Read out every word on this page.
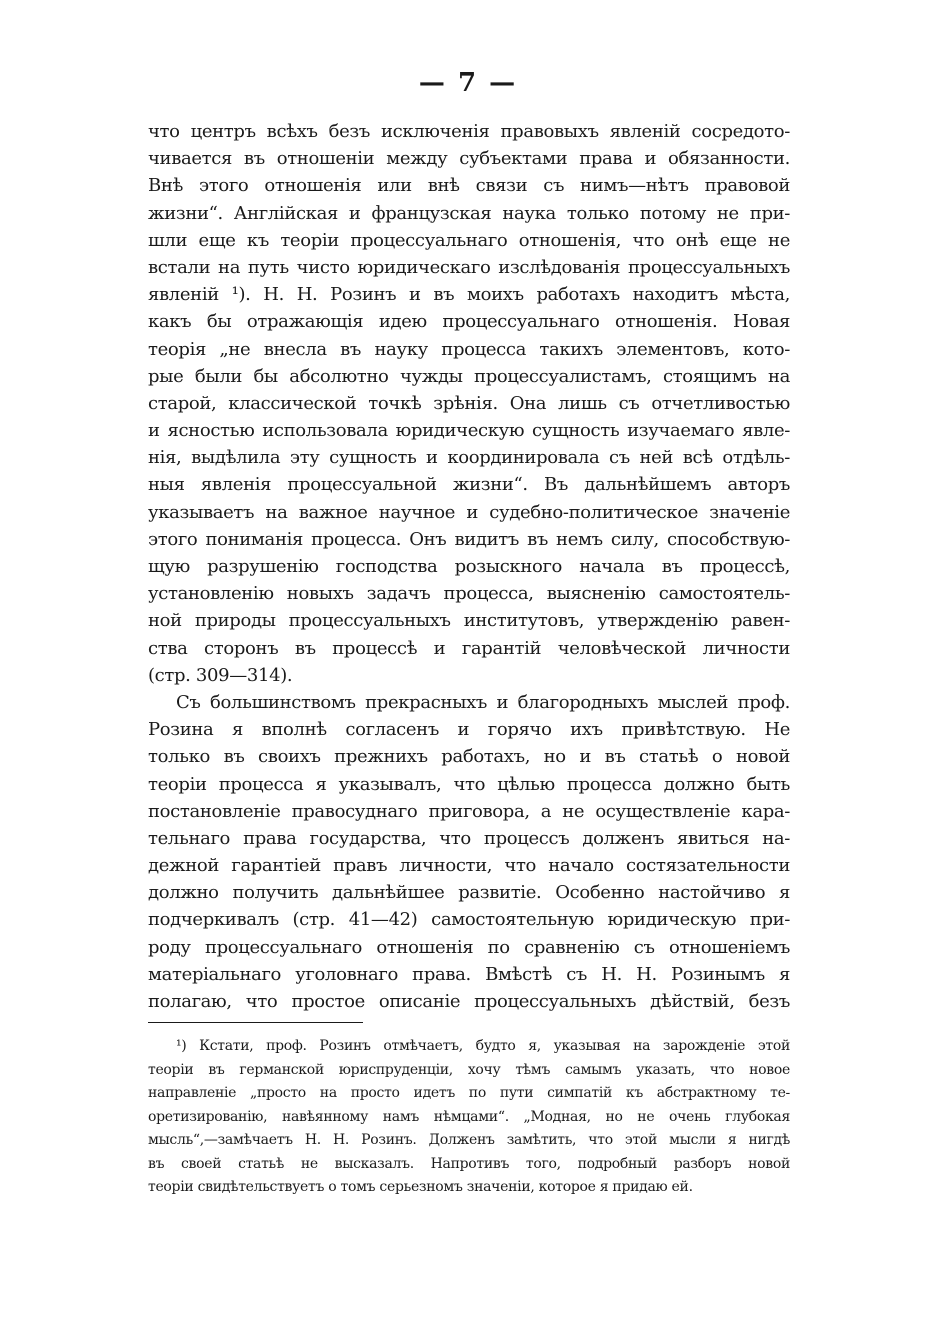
— 7 —
что центръ всѣхъ безъ исключенія правовыхъ явленій сосредото-
чивается въ отношеніи между субъектами права и обязанности.
Внѣ этого отношенія или внѣ связи съ нимъ—нѣтъ правовой
жизни“. Англійская и французская наука только потому не при-
шли еще къ теоріи процессуальнаго отношенія, что онѣ еще не
встали на путь чисто юридическаго изслѣдованія процессуальныхъ
явленій ¹). Н. Н. Розинъ и въ моихъ работахъ находитъ мѣста,
какъ бы отражающія идею процессуальнаго отношенія. Новая
теорія „не внесла въ науку процесса такихъ элементовъ, кото-
рые были бы абсолютно чужды процессуалистамъ, стоящимъ на
старой, классической точкѣ зрѣнія. Она лишь съ отчетливостью
и ясностью использовала юридическую сущность изучаемаго явле-
нія, выдѣлила эту сущность и координировала съ ней всѣ отдѣль-
ныя явленія процессуальной жизни“. Въ дальнѣйшемъ авторъ
указываетъ на важное научное и судебно-политическое значеніе
этого пониманія процесса. Онъ видитъ въ немъ силу, способствую-
щую разрушенію господства розыскного начала въ процессѣ,
установленію новыхъ задачъ процесса, выясненію самостоятель-
ной природы процессуальныхъ институтовъ, утвержденію равен-
ства сторонъ въ процессѣ и гарантій человѣческой личности
(стр. 309—314).
Съ большинствомъ прекрасныхъ и благородныхъ мыслей проф.
Розина я вполнѣ согласенъ и горячо ихъ привѣтствую. Не
только въ своихъ прежнихъ работахъ, но и въ статьѣ о новой
теоріи процесса я указывалъ, что цѣлью процесса должно быть
постановленіе правосуднаго приговора, а не осуществленіе кара-
тельнаго права государства, что процессъ долженъ явиться на-
дежной гарантіей правъ личности, что начало состязательности
должно получить дальнѣйшее развитіе. Особенно настойчиво я
подчеркивалъ (стр. 41—42) самостоятельную юридическую при-
роду процессуальнаго отношенія по сравненію съ отношеніемъ
матеріальнаго уголовнаго права. Вмѣстѣ съ Н. Н. Розинымъ я
полагаю, что простое описаніе процессуальныхъ дѣйствій, безъ
¹) Кстати, проф. Розинъ отмѣчаетъ, будто я, указывая на зарожденіе этой
теоріи въ германской юриспруденціи, хочу тѣмъ самымъ указать, что новое
направленіе „просто на просто идетъ по пути симпатій къ абстрактному те-
оретизированію, навѣянному намъ нѣмцами“. „Модная, но не очень глубокая
мысль“,—замѣчаетъ Н. Н. Розинъ. Долженъ замѣтить, что этой мысли я нигдѣ
въ своей статьѣ не высказалъ. Напротивъ того, подробный разборъ новой
теоріи свидѣтельствуетъ о томъ серьезномъ значеніи, которое я придаю ей.
